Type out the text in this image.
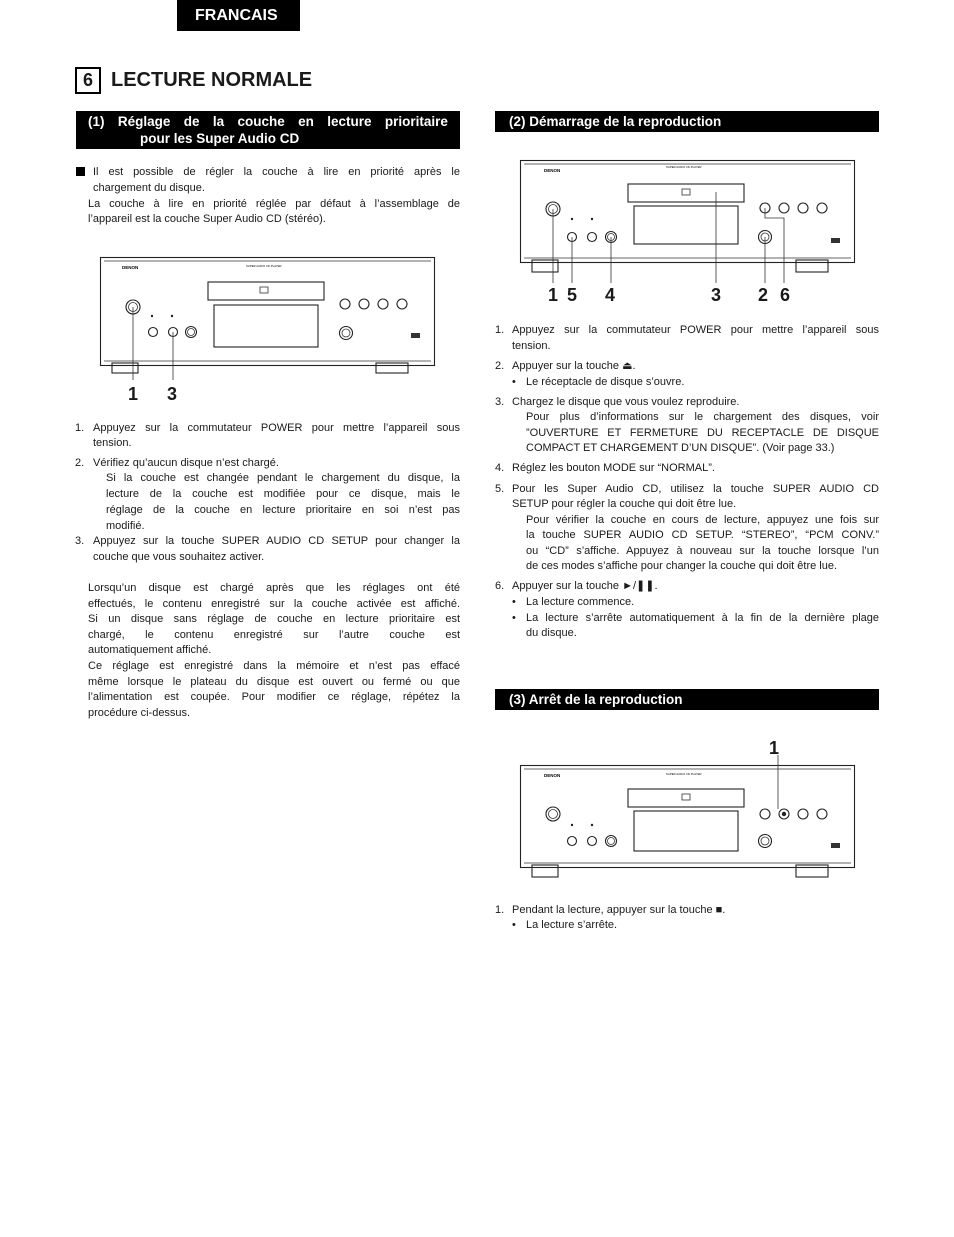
FRANCAIS
6 LECTURE NORMALE
(1) Réglage de la couche en lecture prioritaire
pour les Super Audio CD

Il est possible de régler la couche à lire en priorité après le

chargement du disque.

La couche à lire en priorité réglée par défaut à l’assemblage de

l’appareil est la couche Super Audio CD (stéréo).

DENON	SUPER AUDIO CD PLAYER
1 3
1. Appuyez sur la commutateur POWER pour mettre l’appareil sous

tension.

2. Vérifiez qu’aucun disque n’est chargé.

Si la couche est changée pendant le chargement du disque, la

lecture de la couche est modifiée pour ce disque, mais le

réglage de la couche en lecture prioritaire en soi n’est pas

modifié.

3. Appuyez sur la touche SUPER AUDIO CD SETUP pour changer la

couche que vous souhaitez activer.

Lorsqu’un disque est chargé après que les réglages ont été

effectués, le contenu enregistré sur la couche activée est affiché.

Si un disque sans réglage de couche en lecture prioritaire est

chargé, le contenu enregistré sur l’autre couche est

automatiquement affiché.

Ce réglage est enregistré dans la mémoire et n’est pas effacé

même lorsque le plateau du disque est ouvert ou fermé ou que

l’alimentation est coupée. Pour modifier ce réglage, répétez la

procédure ci-dessus.

(2) Démarrage de la reproduction
DENON
SUPER AUDIO CD PLAYER
1 5 4	3 2 6
1. Appuyez sur la commutateur POWER pour mettre l’appareil sous

tension.

2. Appuyer sur la touche ⏏.

• Le réceptacle de disque s’ouvre.

3. Chargez le disque que vous voulez reproduire.

Pour plus d’informations sur le chargement des disques, voir

”OUVERTURE ET FERMETURE DU RECEPTACLE DE DISQUE

COMPACT ET CHARGEMENT D’UN DISQUE”. (Voir page 33.)

4. Réglez les bouton MODE sur “NORMAL”.

5. Pour les Super Audio CD, utilisez la touche SUPER AUDIO CD

SETUP pour régler la couche qui doit être lue.

Pour vérifier la couche en cours de lecture, appuyez une fois sur

la touche SUPER AUDIO CD SETUP. “STEREO”, “PCM CONV.”

ou “CD” s’affiche. Appuyez à nouveau sur la touche lorsque l’un

de ces modes s’affiche pour changer la couche qui doit être lue.

6. Appuyer sur la touche ►/❚❚.

• La lecture commence.

• La lecture s’arrête automatiquement à la fin de la dernière plage

du disque.

(3) Arrêt de la reproduction
DENON	SUPER AUDIO CD PLAYER
1
1. Pendant la lecture, appuyer sur la touche ■.

• La lecture s’arrête.
